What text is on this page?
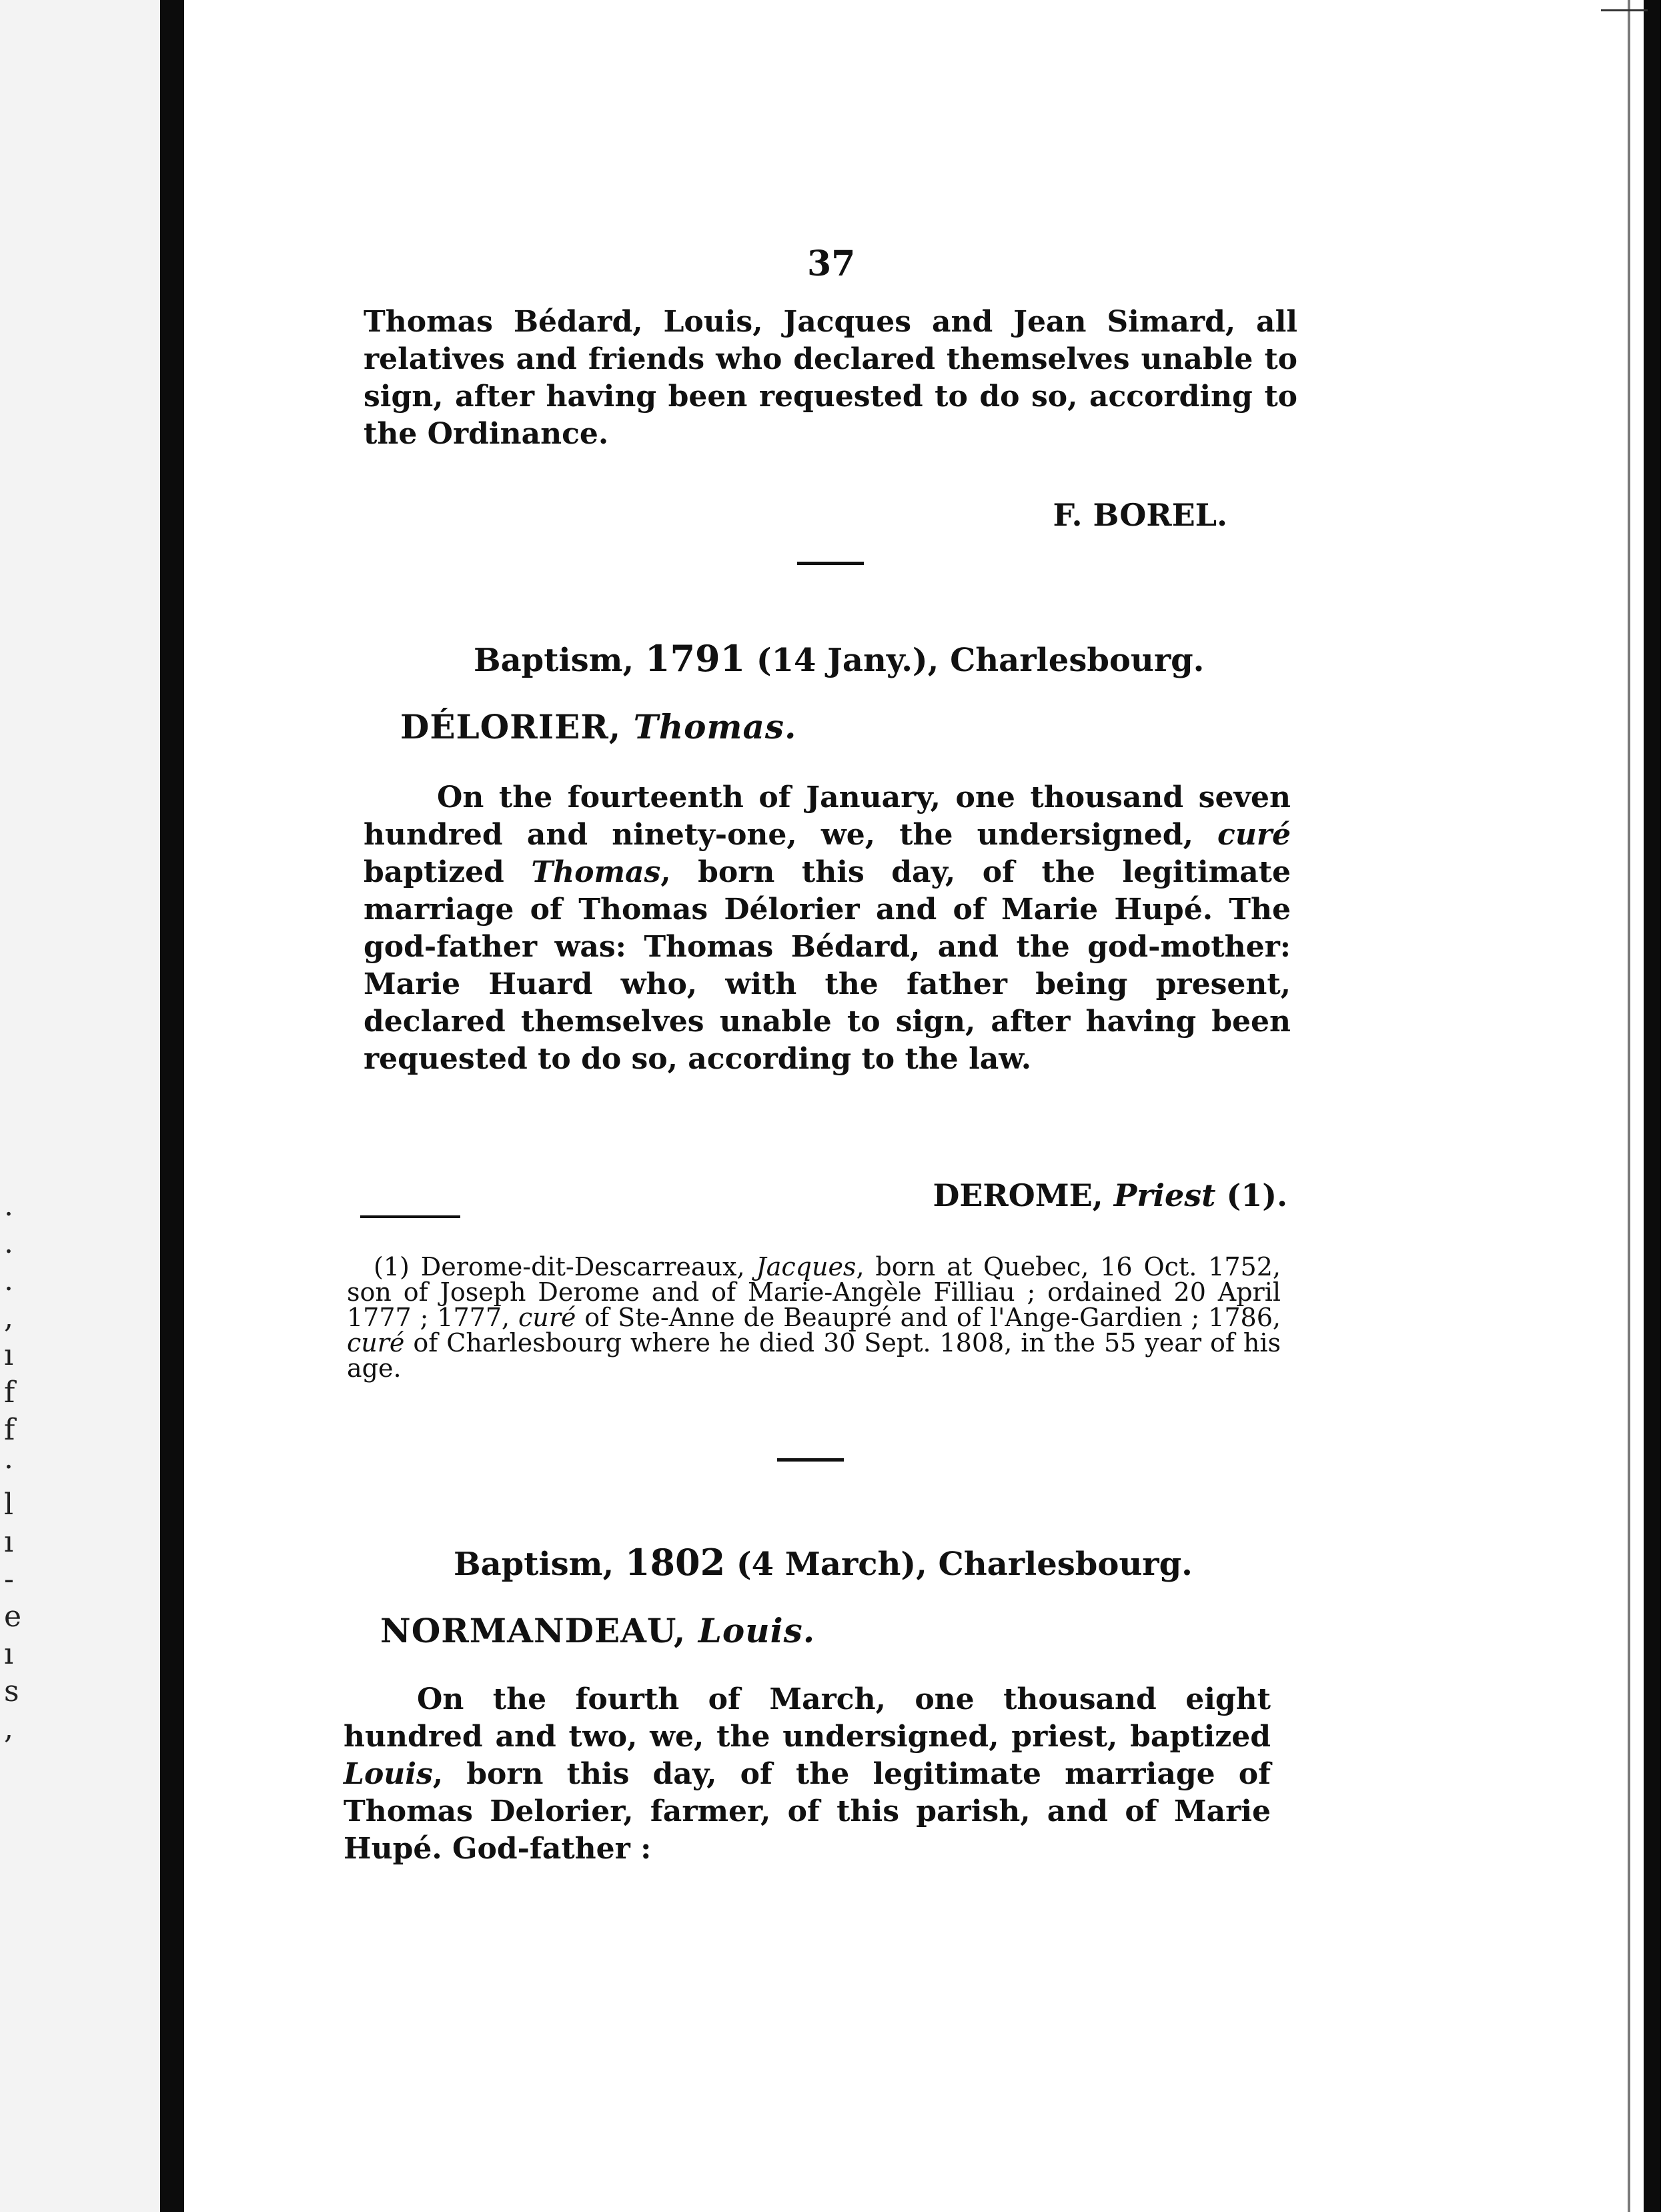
.
.
.
,
ı
f
f
·
l
ı
-
e
ı
s
,
37

Thomas Bédard, Louis, Jacques and Jean Simard, all relatives and friends who declared themselves unable to sign, after having been requested to do so, according to the Ordinance.

F. BOREL.

Baptism, 1791 (14 Jany.), Charlesbourg.
DÉLORIER, Thomas.

On the fourteenth of January, one thousand seven hundred and ninety-one, we, the undersigned, curé baptized Thomas, born this day, of the legitimate marriage of Thomas Délorier and of Marie Hupé. The god-father was: Thomas Bédard, and the god-mother: Marie Huard who, with the father being present, declared themselves unable to sign, after having been requested to do so, according to the law.

DEROME, Priest (1).

(1) Derome-dit-Descarreaux, Jacques, born at Quebec, 16 Oct. 1752, son of Joseph Derome and of Marie-Angèle Filliau ; ordained 20 April 1777 ; 1777, curé of Ste-Anne de Beaupré and of l'Ange-Gardien ; 1786, curé of Charlesbourg where he died 30 Sept. 1808, in the 55 year of his age.
Baptism, 1802 (4 March), Charlesbourg.
NORMANDEAU, Louis.

On the fourth of March, one thousand eight hundred and two, we, the undersigned, priest, baptized Louis, born this day, of the legitimate marriage of Thomas Delorier, farmer, of this parish, and of Marie Hupé. God-father :
